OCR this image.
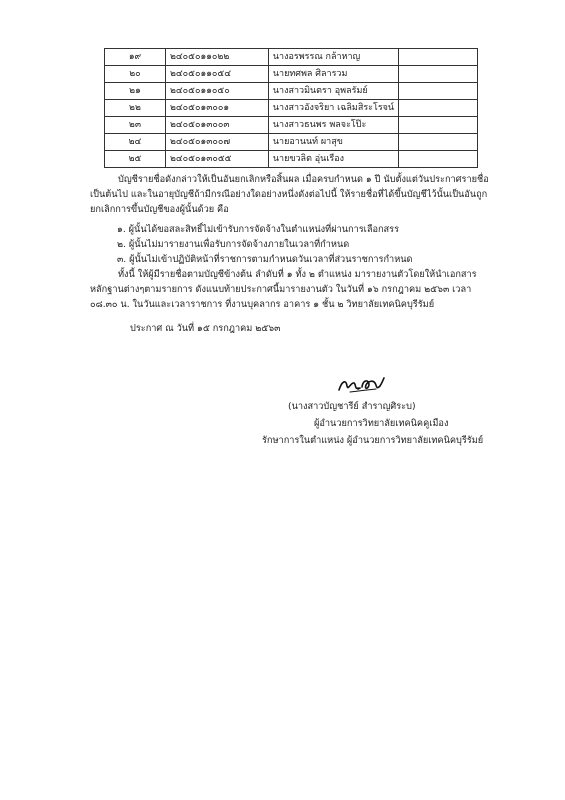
๑๙	๒๔๐๕๐๑๑๐๒๒	นางอรพรรณ กล้าหาญ	
๒๐	๒๔๐๕๐๑๑๐๕๔	นายทศพล ศิลารวม	
๒๑	๒๔๐๕๐๑๑๐๕๐	นางสาวมินตรา อุพลรัมย์	
๒๒	๒๔๐๕๐๑๓๐๐๑	นางสาวอังจริยา เฉลิมสิระโรจน์	
๒๓	๒๔๐๕๐๑๓๐๐๓	นางสาวธนพร พลจะโป๊ะ	
๒๔	๒๔๐๕๐๑๓๐๐๗	นายอานนท์ ผาสุข	
๒๕	๒๔๐๕๐๑๓๐๕๕	นายขวลิต อุ่นเรือง	
บัญชีรายชื่อดังกล่าวให้เป็นอันยกเลิกหรือสิ้นผล เมื่อครบกำหนด ๑ ปี นับตั้งแต่วันประกาศรายชื่อเป็นต้นไป และในอายุบัญชีถ้ามีกรณีอย่างใดอย่างหนึ่งดังต่อไปนี้ ให้รายชื่อที่ได้ขึ้นบัญชีไว้นั้นเป็นอันถูกยกเลิกการขึ้นบัญชีของผู้นั้นด้วย คือ
๑. ผู้นั้นได้ขอสละสิทธิ์ไม่เข้ารับการจัดจ้างในตำแหน่งที่ผ่านการเลือกสรร
๒. ผู้นั้นไม่มารายงานเพื่อรับการจัดจ้างภายในเวลาที่กำหนด
๓. ผู้นั้นไม่เข้าปฏิบัติหน้าที่ราชการตามกำหนดวันเวลาที่ส่วนราชการกำหนด
ทั้งนี้ ให้ผู้มีรายชื่อตามบัญชีข้างต้น ลำดับที่ ๑ ทั้ง ๒ ตำแหน่ง มารายงานตัวโดยให้นำเอกสารหลักฐานต่างๆตามรายการ ดังแนบท้ายประกาศนี้มารายงานตัว ในวันที่ ๑๖ กรกฎาคม ๒๕๖๓ เวลา ๐๘.๓๐ น. ในวันและเวลาราชการ ที่งานบุคลากร อาคาร ๑ ชั้น ๒ วิทยาลัยเทคนิคบุรีรัมย์
ประกาศ ณ วันที่ ๑๕ กรกฎาคม ๒๕๖๓
(นางสาวบัญชารีย์ สำราญศิระบ)
ผู้อำนวยการวิทยาลัยเทคนิคคูเมือง
รักษาการในตำแหน่ง ผู้อำนวยการวิทยาลัยเทคนิคบุรีรัมย์
